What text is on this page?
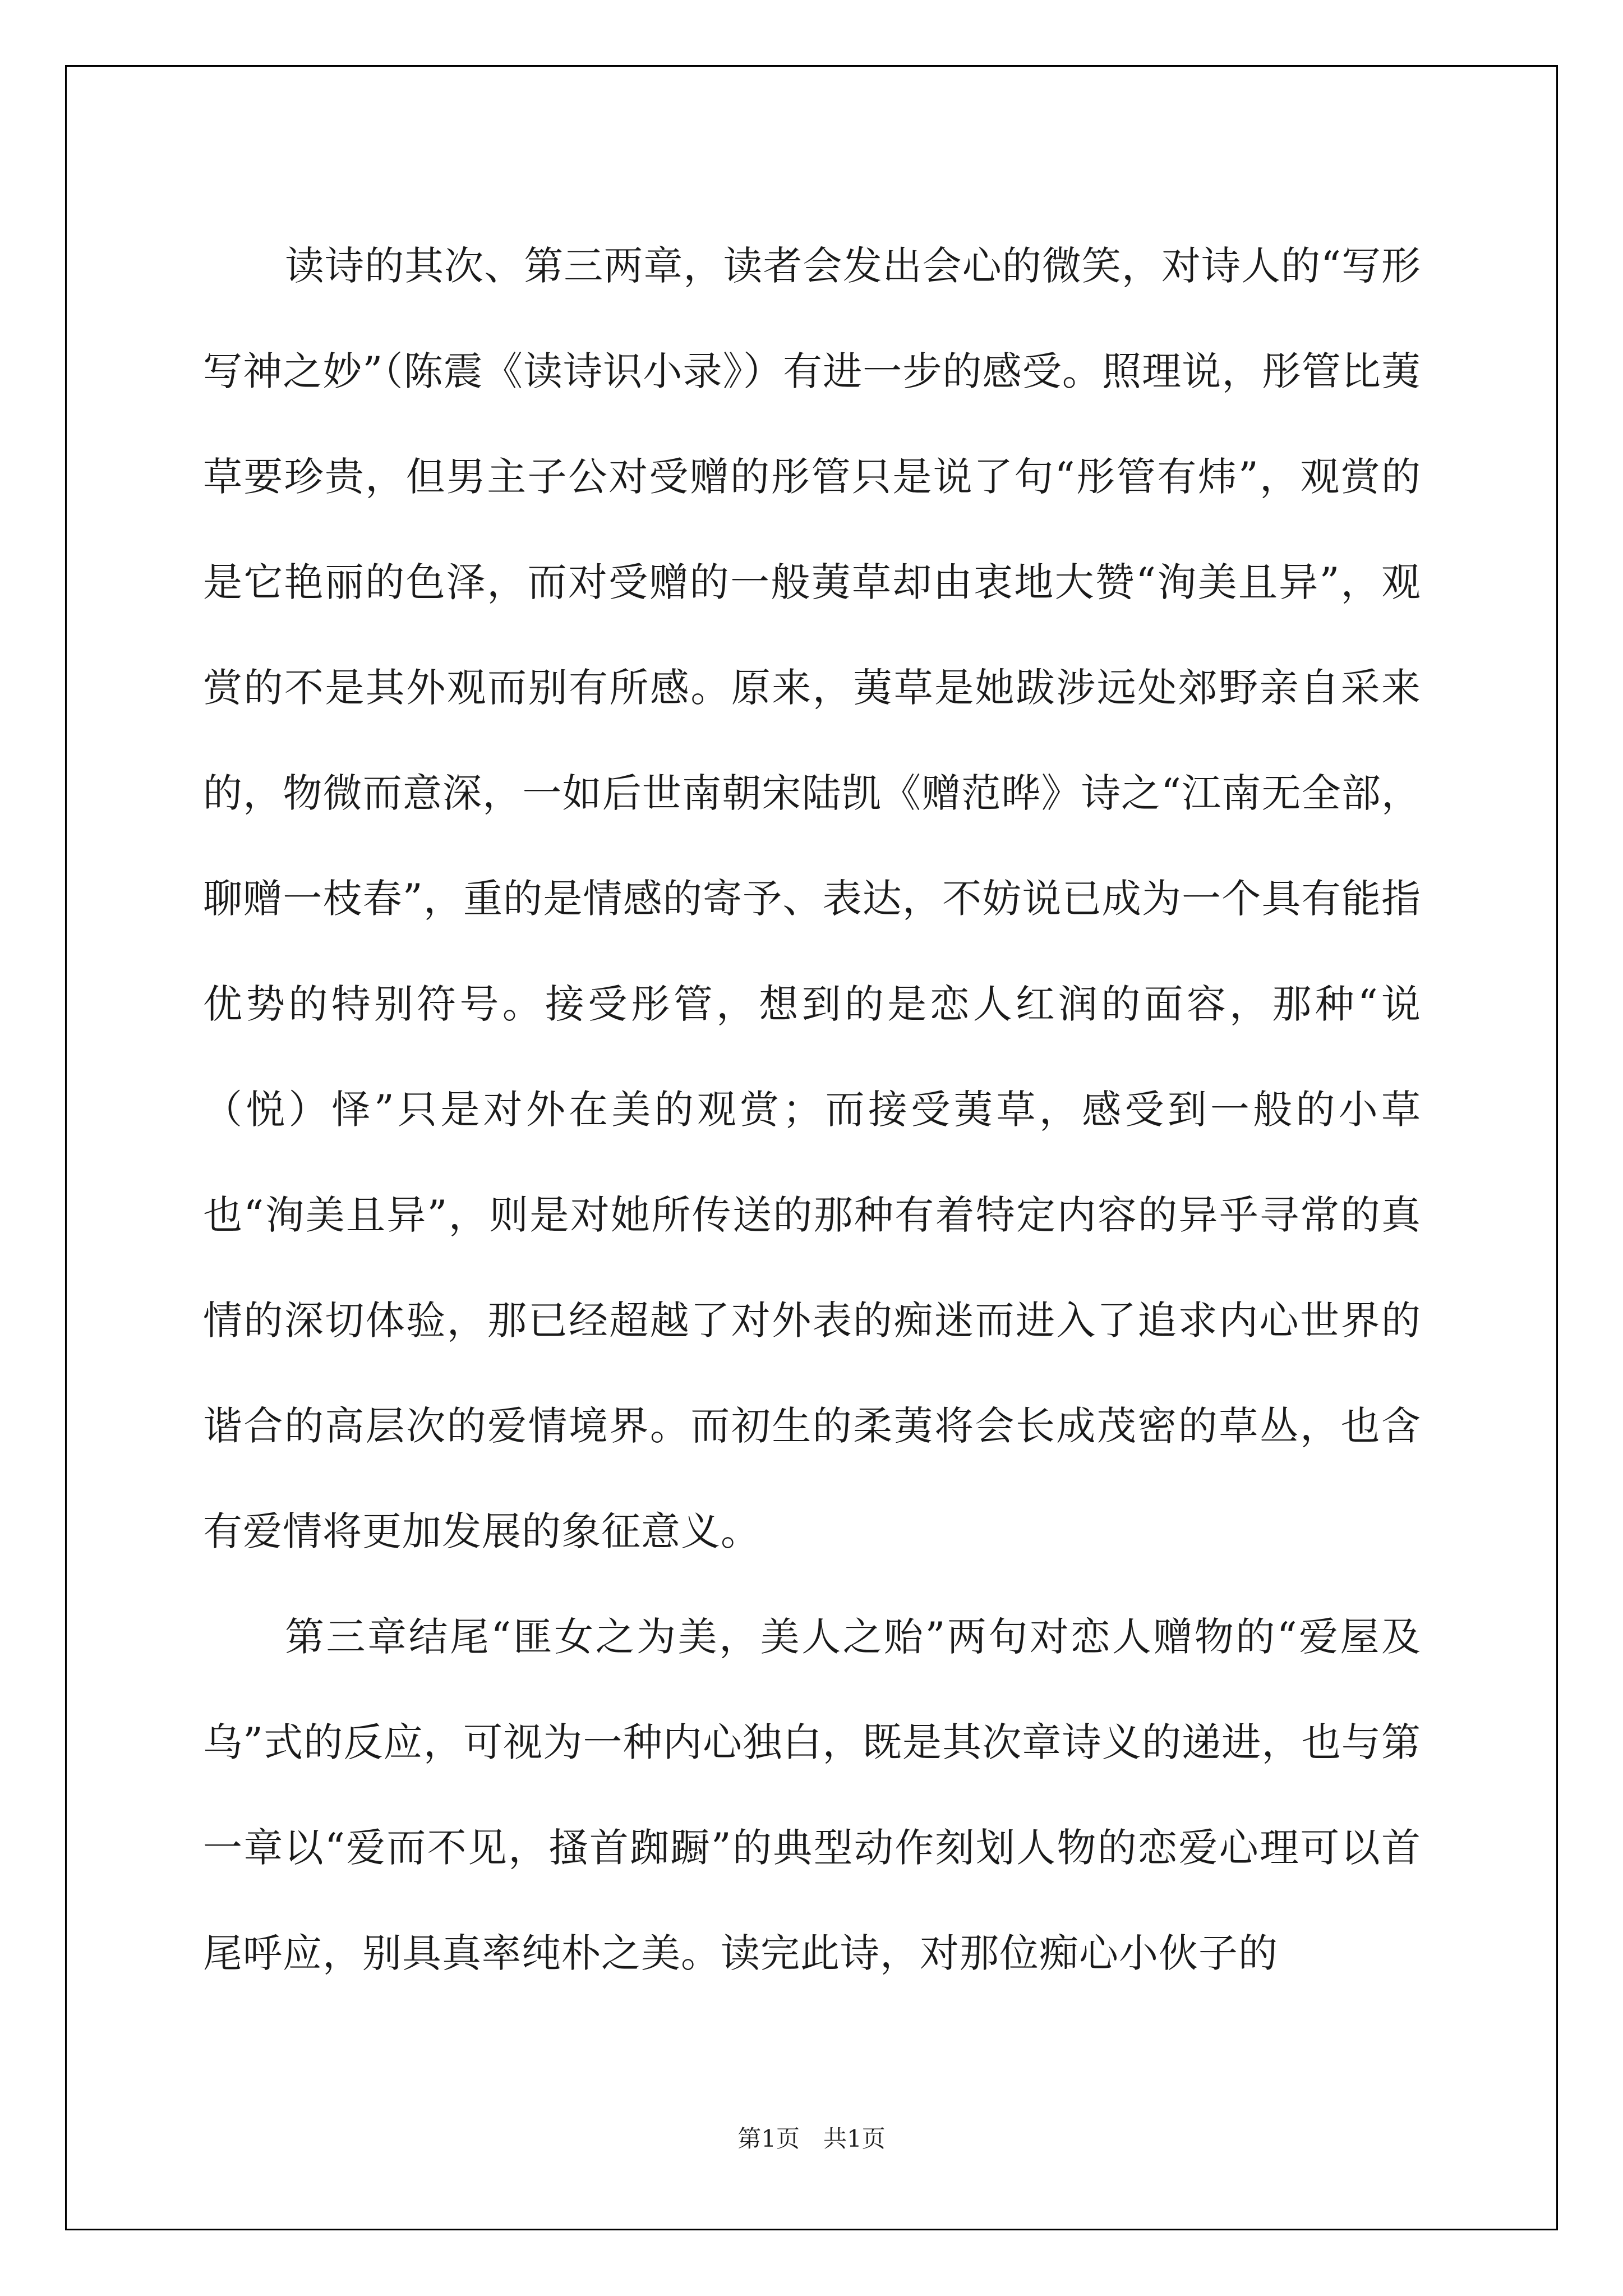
读诗的其次、第三两章，读者会发出会心的微笑，对诗人的“写形写神之妙”（陈震《读诗识小录》）有进一步的感受。照理说，彤管比荑草要珍贵，但男主子公对受赠的彤管只是说了句“彤管有炜”，观赏的是它艳丽的色泽，而对受赠的一般荑草却由衷地大赞“洵美且异”，观赏的不是其外观而别有所感。原来，荑草是她跋涉远处郊野亲自采来的，物微而意深，一如后世南朝宋陆凯《赠范晔》诗之“江南无全部，聊赠一枝春”，重的是情感的寄予、表达，不妨说已成为一个具有能指优势的特别符号。接受彤管，想到的是恋人红润的面容，那种“说（悦）怿”只是对外在美的观赏；而接受荑草，感受到一般的小草也“洵美且异”，则是对她所传送的那种有着特定内容的异乎寻常的真情的深切体验，那已经超越了对外表的痴迷而进入了追求内心世界的谐合的高层次的爱情境界。而初生的柔荑将会长成茂密的草丛，也含有爱情将更加发展的象征意义。

第三章结尾“匪女之为美，美人之贻”两句对恋人赠物的“爱屋及乌”式的反应，可视为一种内心独白，既是其次章诗义的递进，也与第一章以“爱而不见，搔首踟蹰”的典型动作刻划人物的恋爱心理可以首尾呼应，别具真率纯朴之美。读完此诗，对那位痴心小伙子的

第1页 共1页
